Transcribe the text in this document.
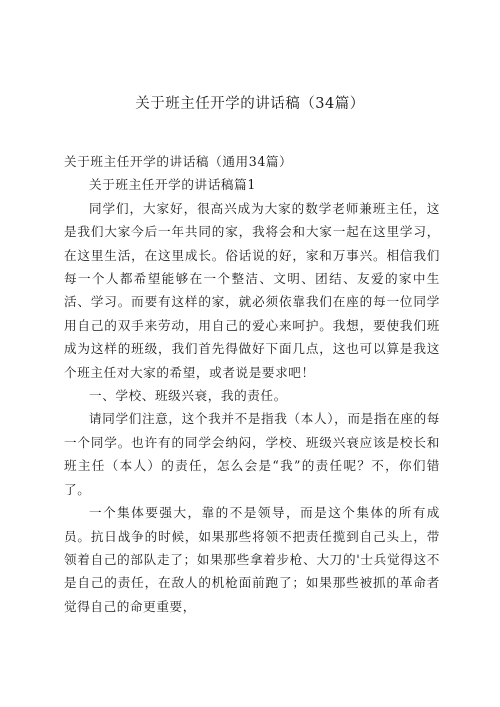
关于班主任开学的讲话稿（34篇）

关于班主任开学的讲话稿（通用34篇）

关于班主任开学的讲话稿篇1

同学们，大家好，很高兴成为大家的数学老师兼班主任，这是我们大家今后一年共同的家，我将会和大家一起在这里学习，在这里生活，在这里成长。俗话说的好，家和万事兴。相信我们每一个人都希望能够在一个整洁、文明、团结、友爱的家中生活、学习。而要有这样的家，就必须依靠我们在座的每一位同学用自己的双手来劳动，用自己的爱心来呵护。我想，要使我们班成为这样的班级，我们首先得做好下面几点，这也可以算是我这个班主任对大家的希望，或者说是要求吧！

一、学校、班级兴衰，我的责任。

请同学们注意，这个我并不是指我（本人），而是指在座的每一个同学。也许有的同学会纳闷，学校、班级兴衰应该是校长和班主任（本人）的责任，怎么会是“我”的责任呢？不，你们错了。

一个集体要强大，靠的不是领导，而是这个集体的所有成员。抗日战争的时候，如果那些将领不把责任揽到自己头上，带领着自己的部队走了；如果那些拿着步枪、大刀的'士兵觉得这不是自己的责任，在敌人的机枪面前跑了；如果那些被抓的革命者觉得自己的命更重要，
